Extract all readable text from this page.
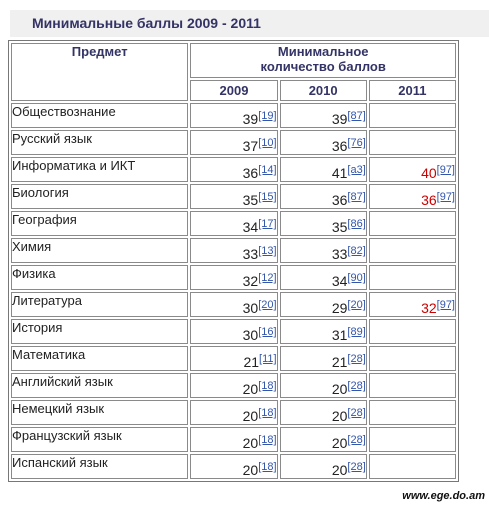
Минимальные баллы 2009 - 2011
Предмет	Минимальное
количество баллов		
	2009	2010	2011
Обществознание	39[19]	39[87]	
Русский язык	37[10]	36[76]	
Информатика и ИКТ	36[14]	41[a3]	40[97]
Биология	35[15]	36[87]	36[97]
География	34[17]	35[86]	
Химия	33[13]	33[82]	
Физика	32[12]	34[90]	
Литература	30[20]	29[20]	32[97]
История	30[16]	31[89]	
Математика	21[11]	21[28]	
Английский язык	20[18]	20[28]	
Немецкий язык	20[18]	20[28]	
Французский язык	20[18]	20[28]	
Испанский язык	20[18]	20[28]	
www.ege.do.am
